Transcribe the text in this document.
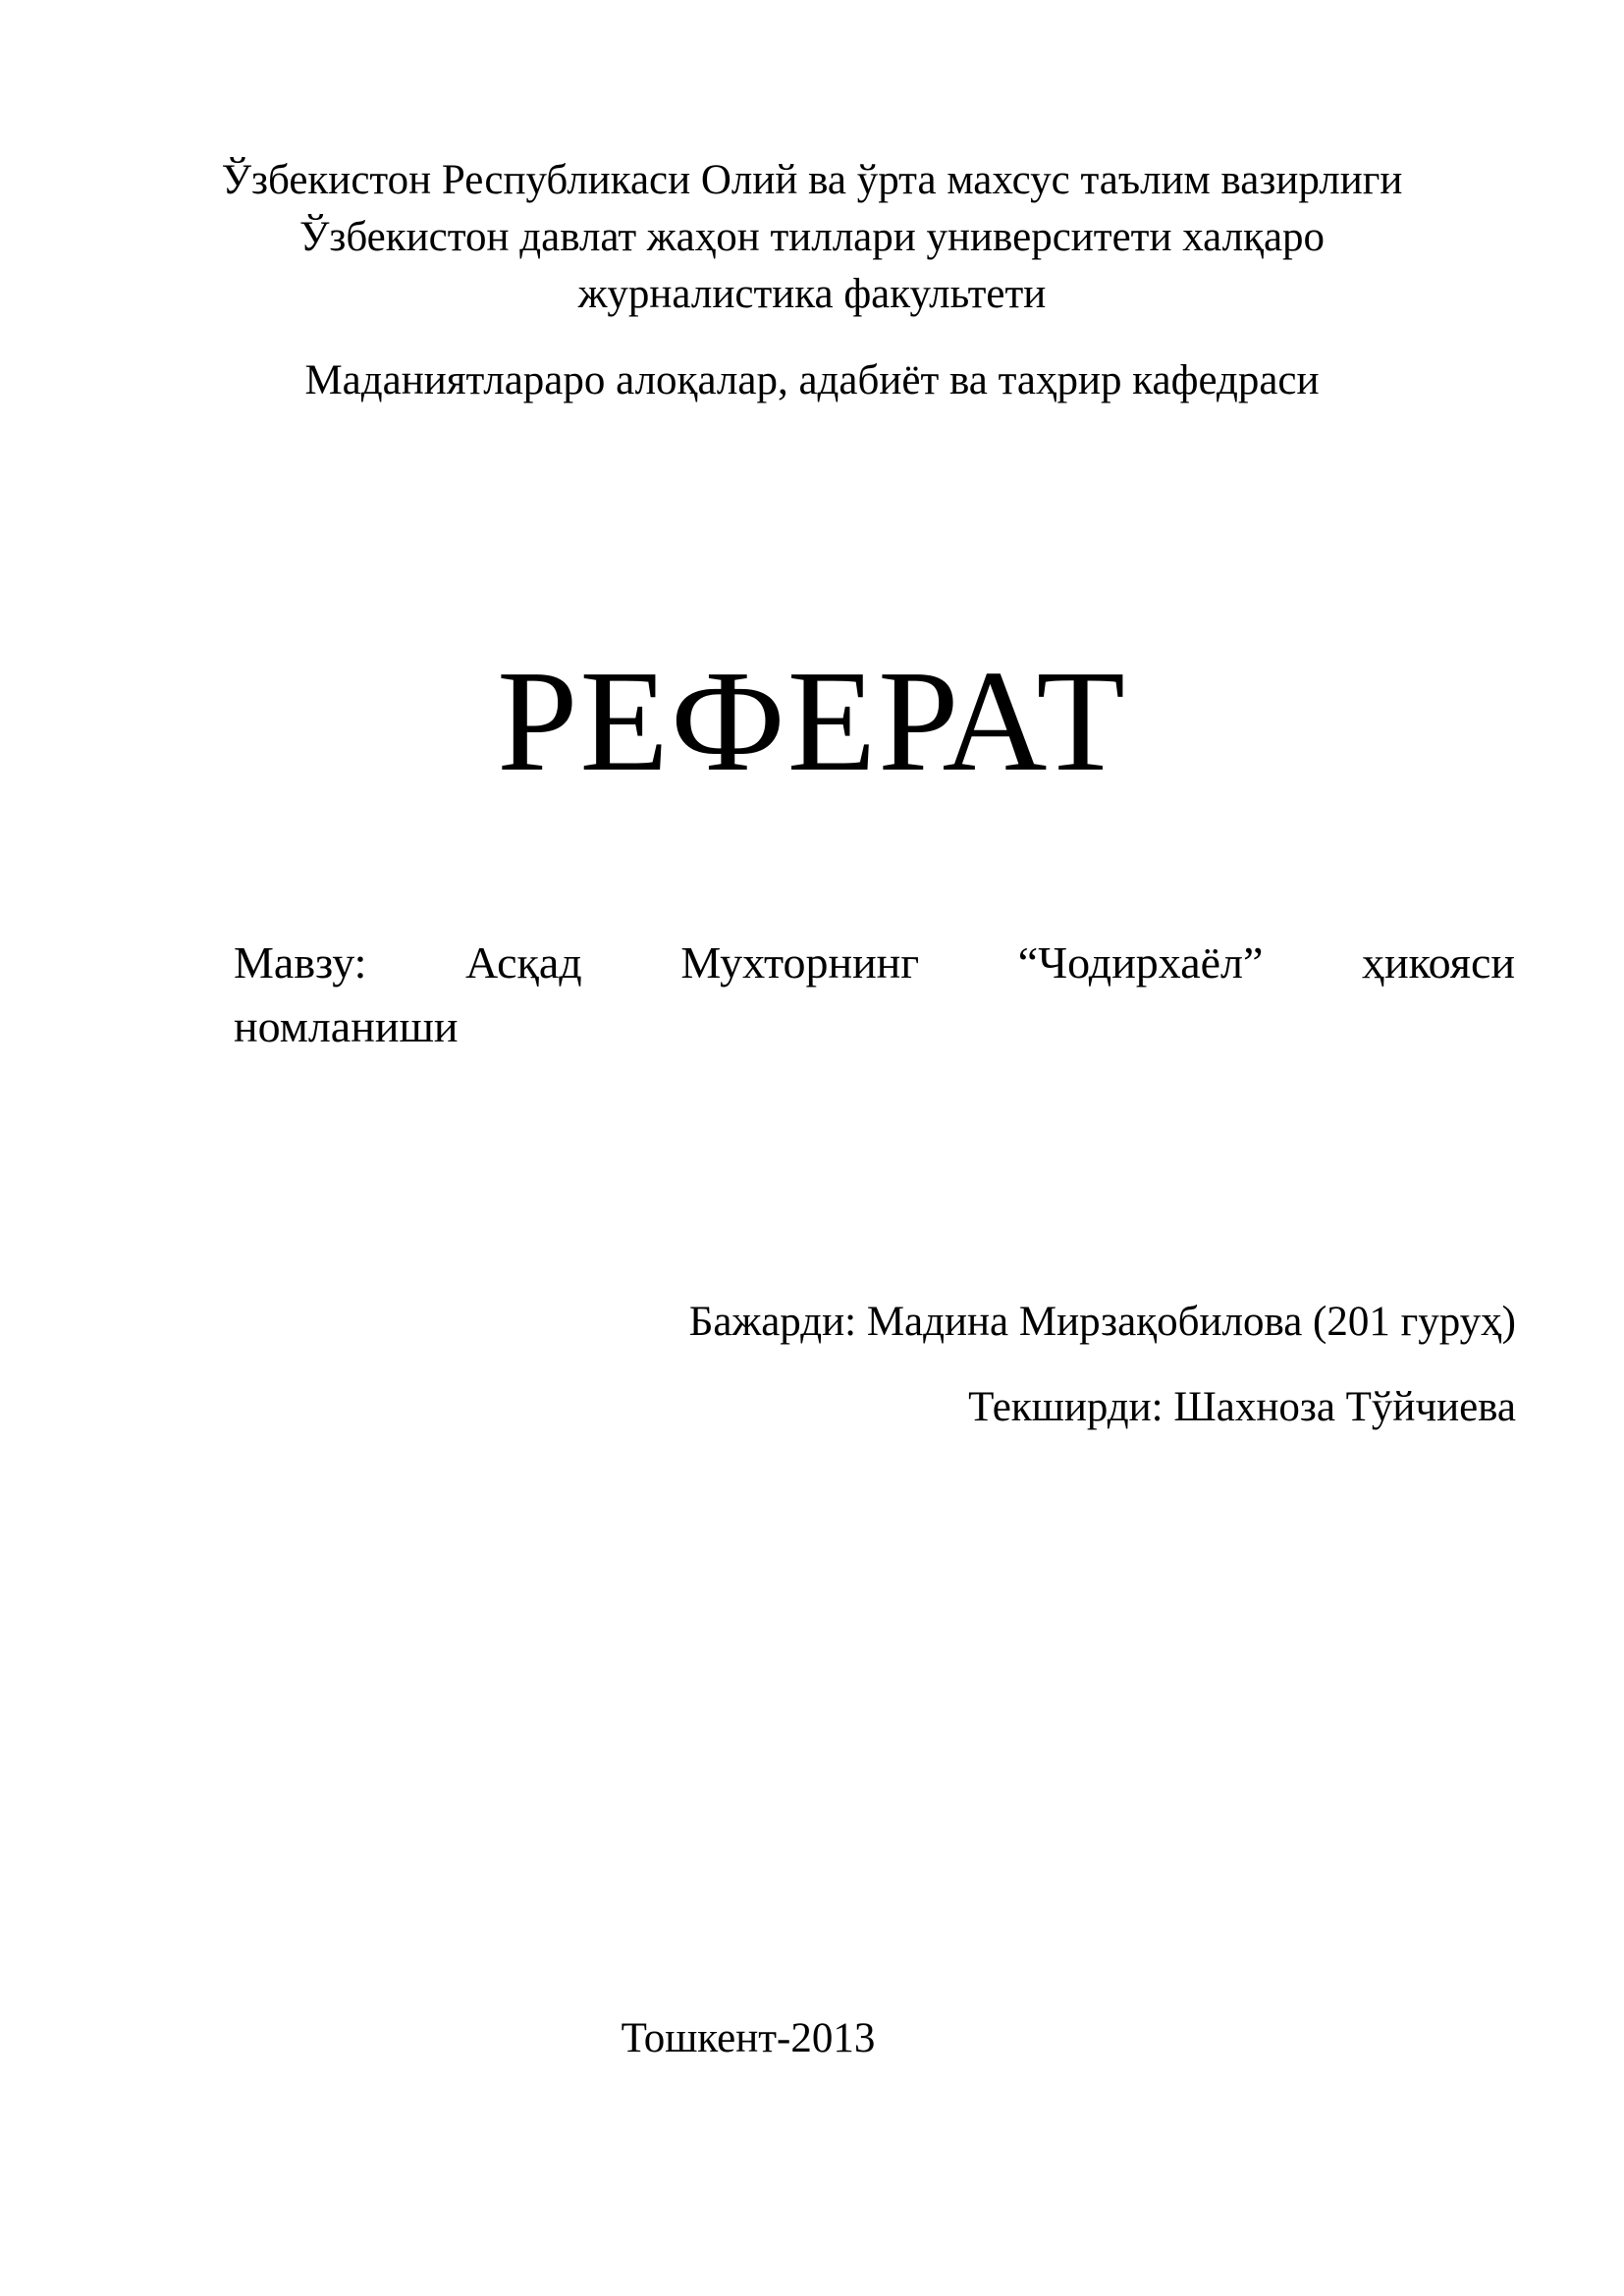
Ўзбекистон Республикаси Олий ва ўрта махсус таълим вазирлиги
Ўзбекистон давлат жаҳон тиллари университети халқаро
журналистика факультети
Маданиятлараро алоқалар, адабиёт ва таҳрир кафедраси
РЕФЕРАТ
Мавзу: Асқад Мухторнинг “Чодирхаёл” ҳикояси
номланиши
Бажарди: Мадина Мирзақобилова (201 гуруҳ)
Текширди: Шахноза Тўйчиева
Тошкент-2013
